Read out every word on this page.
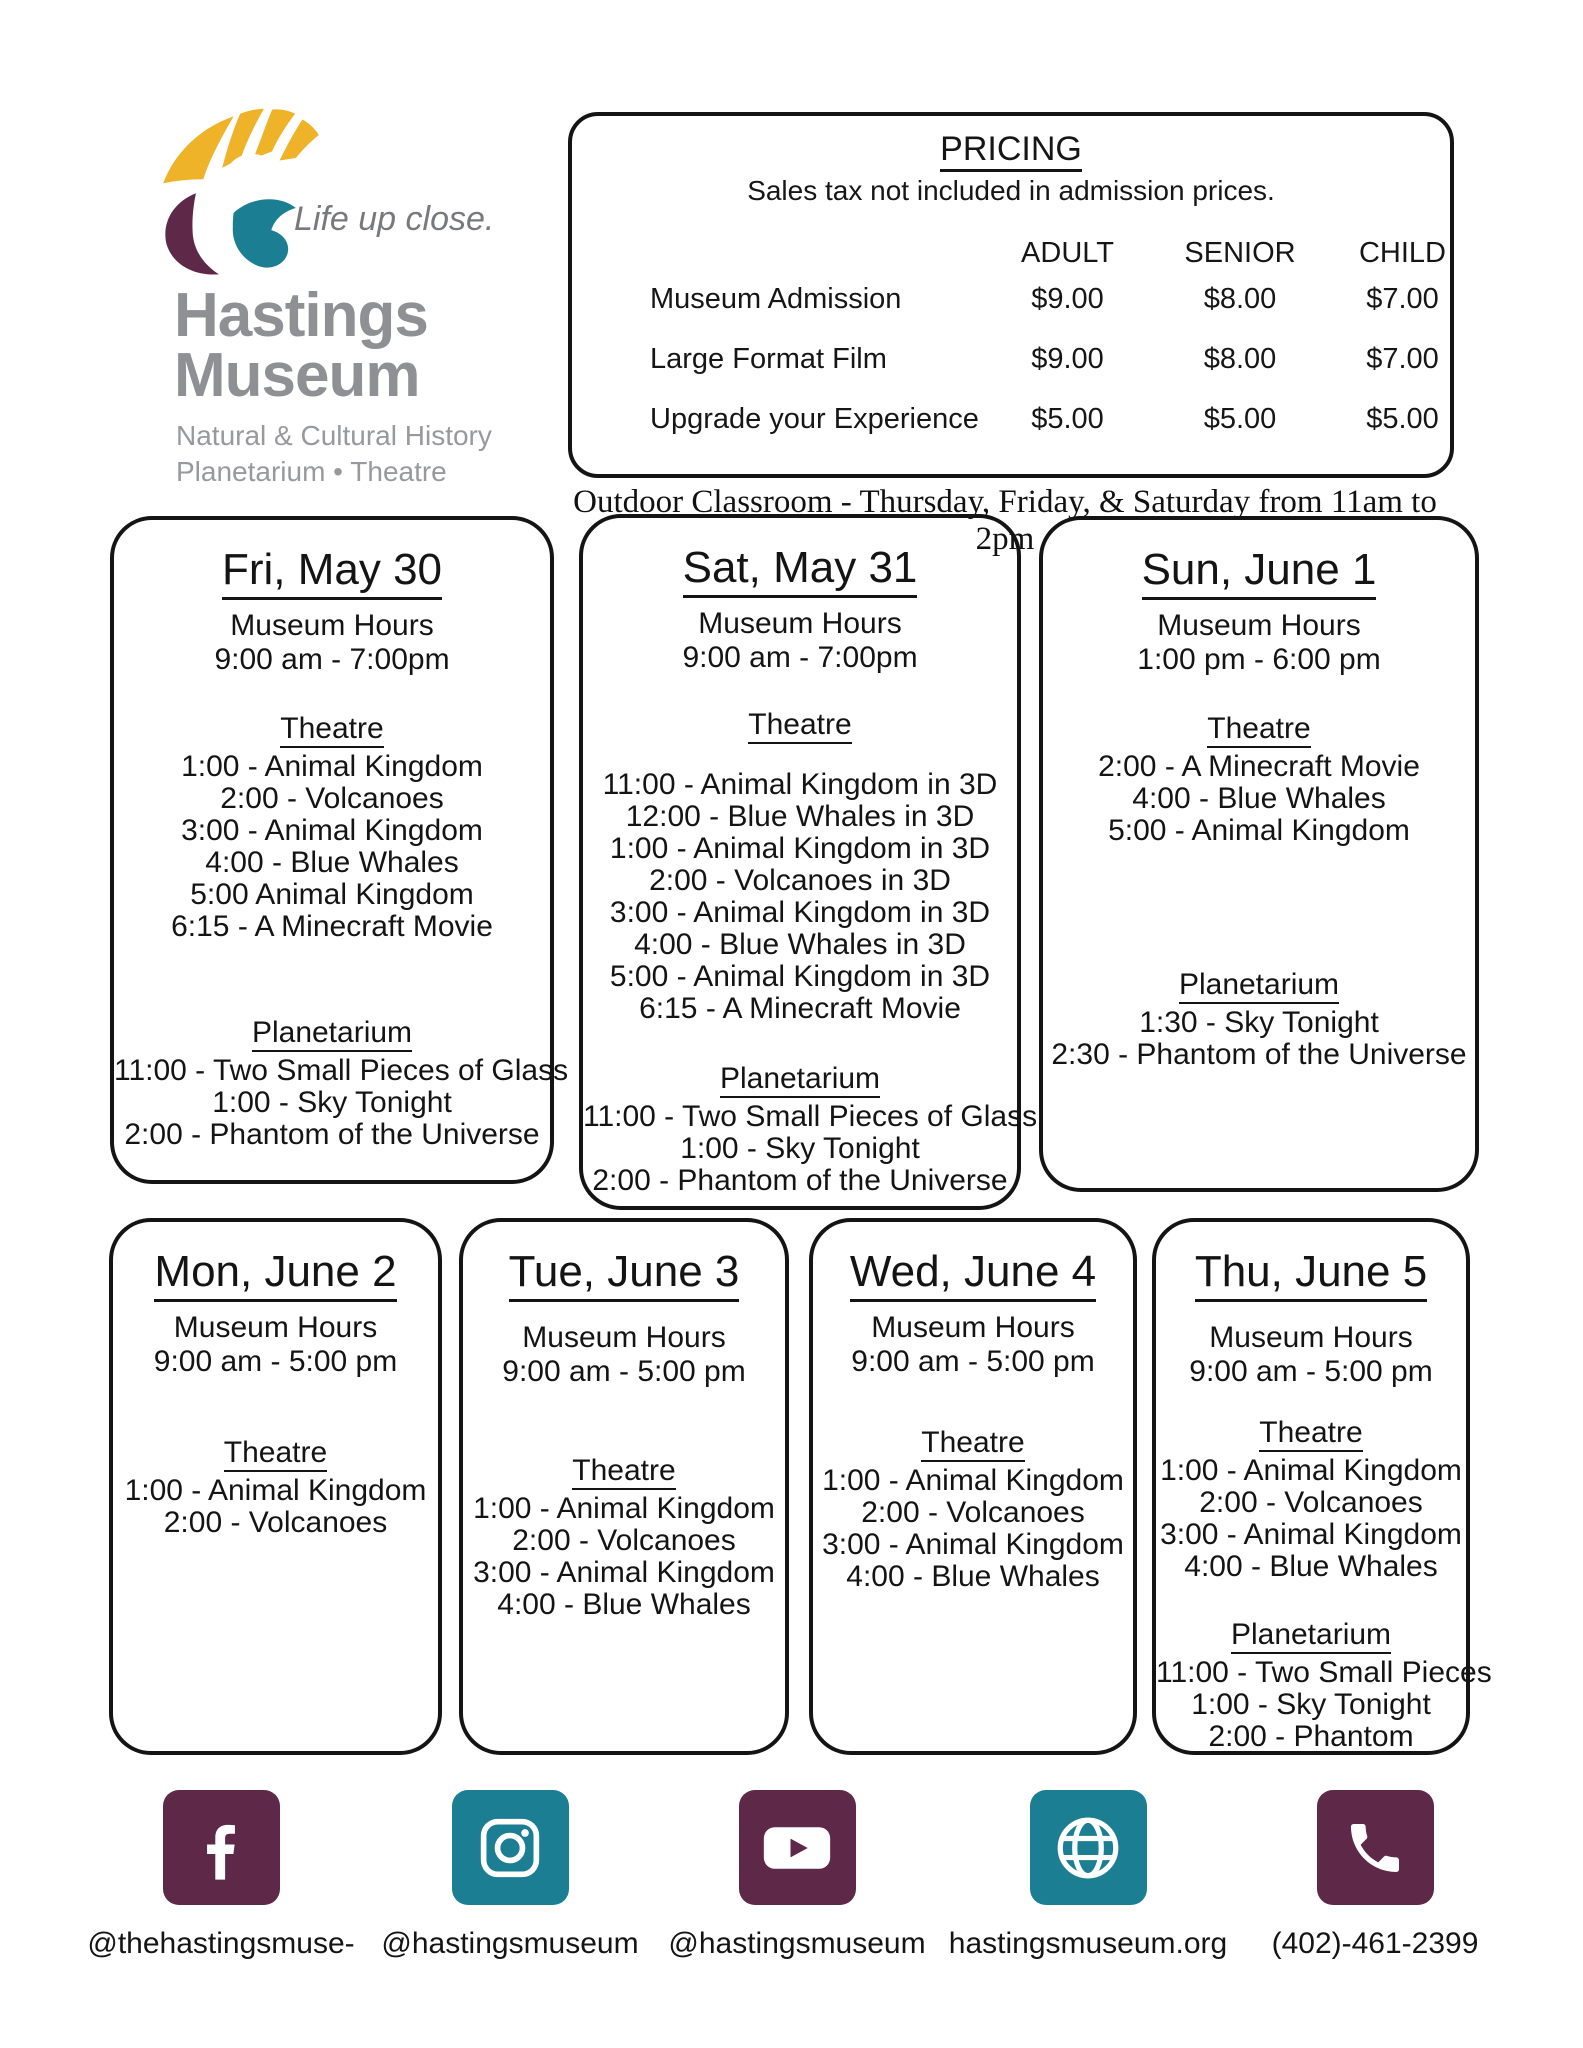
Life up close.
Hastings
Museum
Natural & Cultural History
Planetarium • Theatre
PRICING
Sales tax not included in admission prices.
ADULT	SENIOR	CHILD
Museum Admission	$9.00	$8.00	$7.00
Large Format Film	$9.00	$8.00	$7.00
Upgrade your Experience	$5.00	$5.00	$5.00
Outdoor Classroom - Thursday, Friday, & Saturday from 11am to 2pm
Fri, May 30
Museum Hours
9:00 am - 7:00pm
Theatre
1:00 - Animal Kingdom
2:00 - Volcanoes
3:00 - Animal Kingdom
4:00 - Blue Whales
5:00 Animal Kingdom
6:15 - A Minecraft Movie
Planetarium
11:00 - Two Small Pieces of Glass
1:00 - Sky Tonight
2:00 - Phantom of the Universe
Sat, May 31
Museum Hours
9:00 am - 7:00pm
Theatre
11:00 - Animal Kingdom in 3D
12:00 - Blue Whales in 3D
1:00 - Animal Kingdom in 3D
2:00 - Volcanoes in 3D
3:00 - Animal Kingdom in 3D
4:00 - Blue Whales in 3D
5:00 - Animal Kingdom in 3D
6:15 - A Minecraft Movie
Planetarium
11:00 - Two Small Pieces of Glass
1:00 - Sky Tonight
2:00 - Phantom of the Universe
Sun, June 1
Museum Hours
1:00 pm - 6:00 pm
Theatre
2:00 - A Minecraft Movie
4:00 - Blue Whales
5:00 - Animal Kingdom
Planetarium
1:30 - Sky Tonight
2:30 - Phantom of the Universe
Mon, June 2
Museum Hours
9:00 am - 5:00 pm
Theatre
1:00 - Animal Kingdom
2:00 - Volcanoes
Tue, June 3
Museum Hours
9:00 am - 5:00 pm
Theatre
1:00 - Animal Kingdom
2:00 - Volcanoes
3:00 - Animal Kingdom
4:00 - Blue Whales
Wed, June 4
Museum Hours
9:00 am - 5:00 pm
Theatre
1:00 - Animal Kingdom
2:00 - Volcanoes
3:00 - Animal Kingdom
4:00 - Blue Whales
Thu, June 5
Museum Hours
9:00 am - 5:00 pm
Theatre
1:00 - Animal Kingdom
2:00 - Volcanoes
3:00 - Animal Kingdom
4:00 - Blue Whales
Planetarium
11:00 - Two Small Pieces
1:00 - Sky Tonight
2:00 - Phantom
@thehastingsmuse- @hastingsmuseum @hastingsmuseum hastingsmuseum.org	(402)-461-2399
